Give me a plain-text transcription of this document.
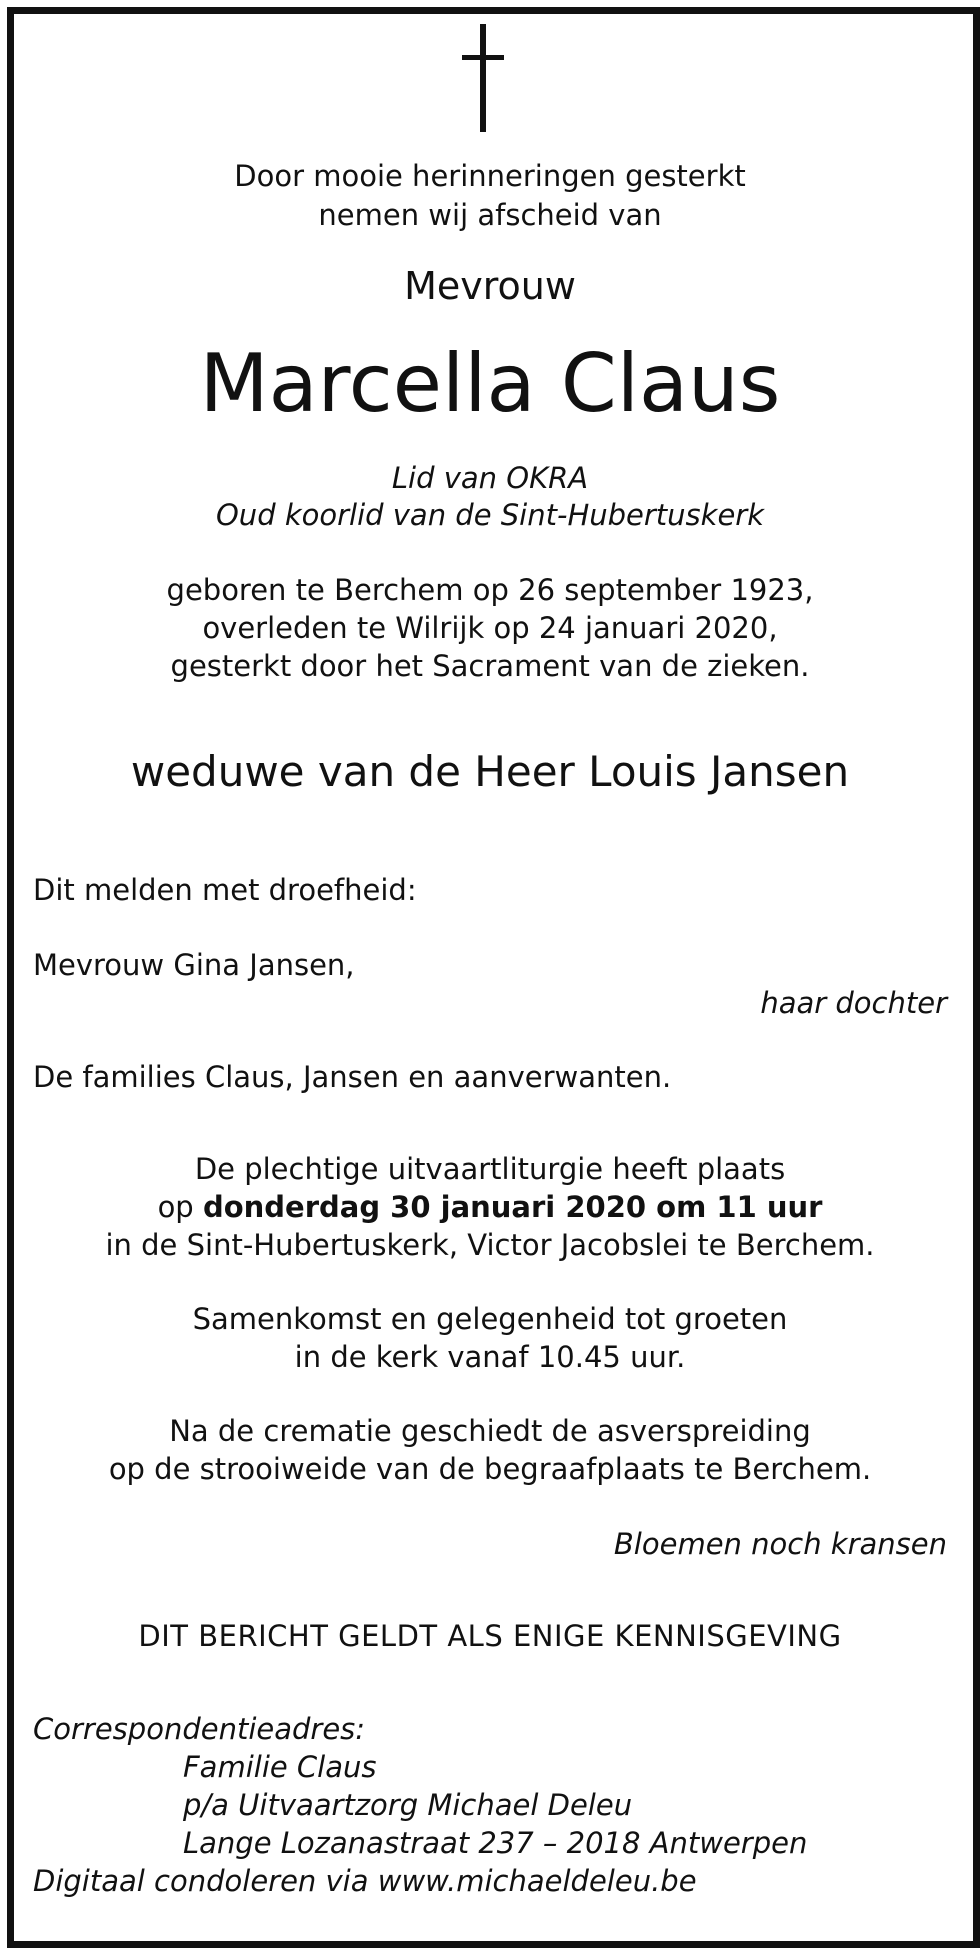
Door mooie herinneringen gesterkt
nemen wij afscheid van
Mevrouw
Marcella Claus
Lid van OKRA
Oud koorlid van de Sint-Hubertuskerk
geboren te Berchem op 26 september 1923,
overleden te Wilrijk op 24 januari 2020,
gesterkt door het Sacrament van de zieken.
weduwe van de Heer Louis Jansen
Dit melden met droefheid:
Mevrouw Gina Jansen,
haar dochter
De families Claus, Jansen en aanverwanten.
De plechtige uitvaartliturgie heeft plaats
op donderdag 30 januari 2020 om 11 uur
in de Sint-Hubertuskerk, Victor Jacobslei te Berchem.
Samenkomst en gelegenheid tot groeten
in de kerk vanaf 10.45 uur.
Na de crematie geschiedt de asverspreiding
op de strooiweide van de begraafplaats te Berchem.
Bloemen noch kransen
DIT BERICHT GELDT ALS ENIGE KENNISGEVING
Correspondentieadres:
Familie Claus
p/a Uitvaartzorg Michael Deleu
Lange Lozanastraat 237 – 2018 Antwerpen
Digitaal condoleren via www.michaeldeleu.be
